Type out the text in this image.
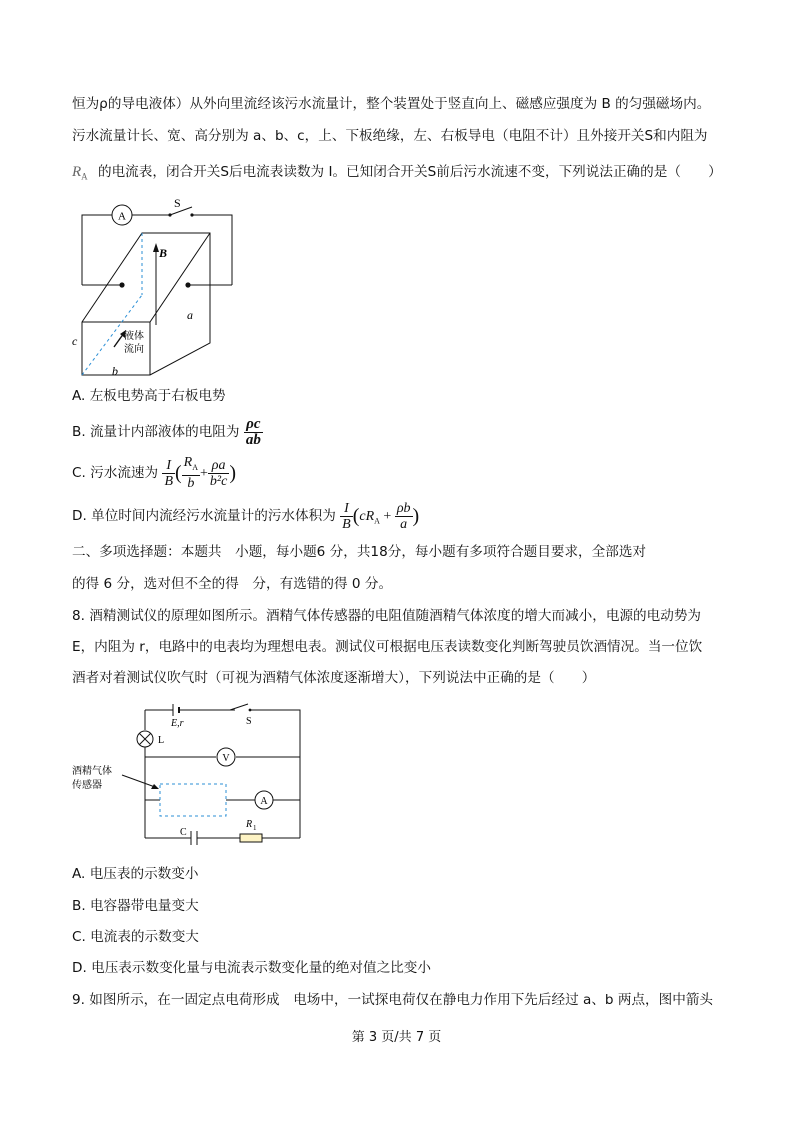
恒为ρ的导电液体）从外向里流经该污水流量计，整个装置处于竖直向上、磁感应强度为 B 的匀强磁场内。
污水流量计长、宽、高分别为 a、b、c，上、下板绝缘，左、右板导电（电阻不计）且外接开关S和内阻为
$R_A$ 的电流表，闭合开关S后电流表读数为 I。已知闭合开关S前后污水流速不变，下列说法正确的是（　　）
A
S
B
a
c
b
液体
流向
A. 左板电势高于右板电势
B. 流量计内部液体的电阻为 $\frac{\rho c}{ab}$
C. 污水流速为 $\frac{I}{B}$ ( $\frac{R_A}{b} + \frac{\rho a}{\text{b²c}}$ )
D. 单位时间内流经污水流量计的污水体积为 $\frac{I}{B} (cR_A + \frac{\rho b}{a}$ )
二、多项选择题：本题共　小题，每小题6 分，共18分，每小题有多项符合题目要求，全部选对
的得 6 分，选对但不全的得　分，有选错的得 0 分。
8. 酒精测试仪的原理如图所示。酒精气体传感器的电阻值随酒精气体浓度的增大而减小，电源的电动势为
E，内阻为 r，电路中的电表均为理想电表。测试仪可根据电压表读数变化判断驾驶员饮酒情况。当一位饮
酒者对着测试仪吹气时（可视为酒精气体浓度逐渐增大），下列说法中正确的是（　　）
E,r	S
L
V
A
酒精气体
传感器
C
R 1
A. 电压表的示数变小
B. 电容器带电量变大
C. 电流表的示数变大
D. 电压表示数变化量与电流表示数变化量的绝对值之比变小
9. 如图所示，在一固定点电荷形成　电场中，一试探电荷仅在静电力作用下先后经过 a、b 两点，图中箭头
第 3 页/共 7 页
